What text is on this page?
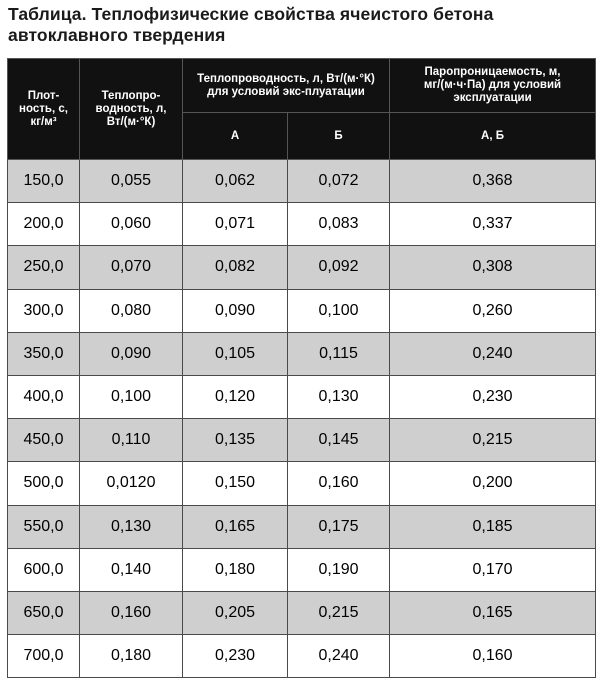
Таблица. Теплофизические свойства ячеистого бетона
автоклавного твердения
Плот-ность, с, кг/м³	Теплопро-водность, л, Вт/(м·°К)	Теплопроводность, л, Вт/(м·°К) для условий экс-плуатации		Паропроницаемость, м, мг/(м·ч·Па) для условий эксплуатации
		А	Б	А, Б
150,0	0,055	0,062	0,072	0,368
200,0	0,060	0,071	0,083	0,337
250,0	0,070	0,082	0,092	0,308
300,0	0,080	0,090	0,100	0,260
350,0	0,090	0,105	0,115	0,240
400,0	0,100	0,120	0,130	0,230
450,0	0,110	0,135	0,145	0,215
500,0	0,0120	0,150	0,160	0,200
550,0	0,130	0,165	0,175	0,185
600,0	0,140	0,180	0,190	0,170
650,0	0,160	0,205	0,215	0,165
700,0	0,180	0,230	0,240	0,160
